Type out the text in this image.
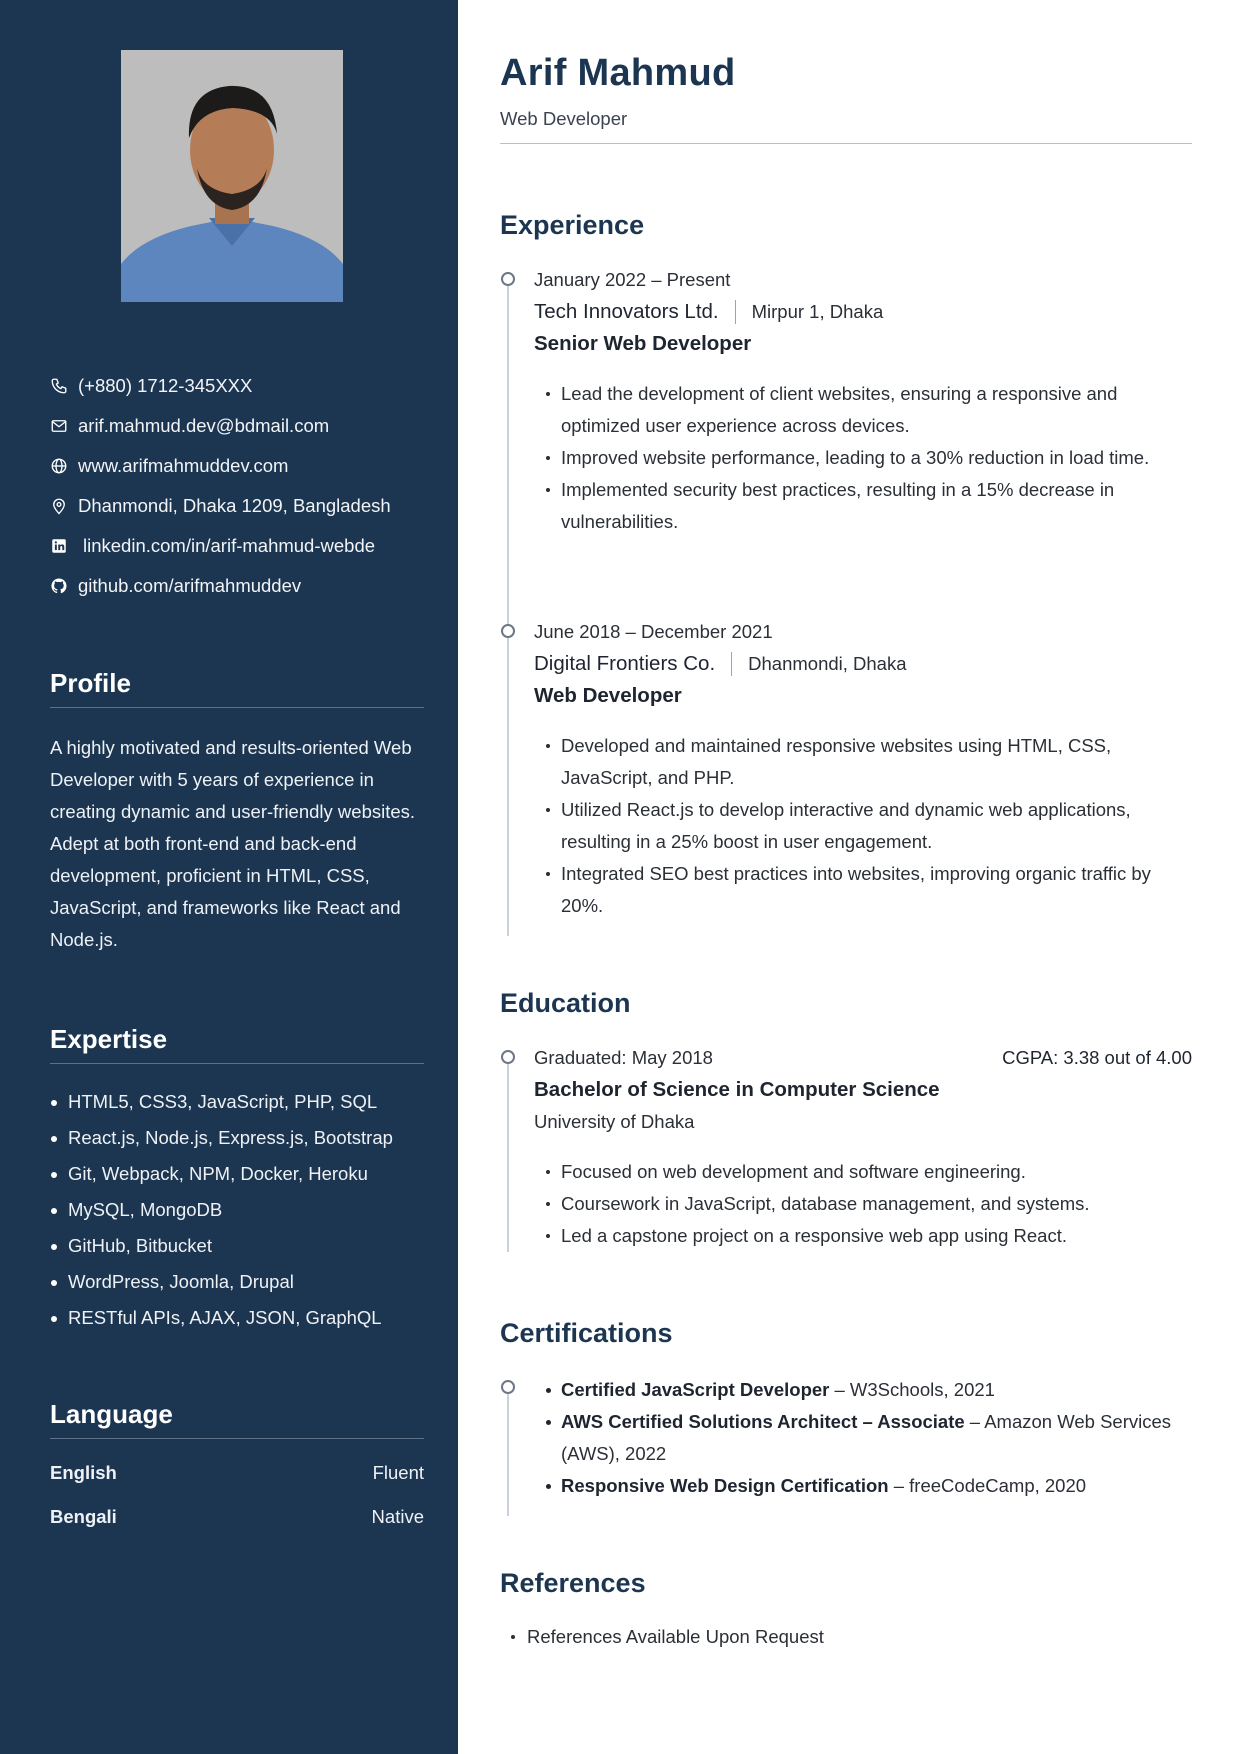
(+880) 1712-345XXX
arif.mahmud.dev@bdmail.com
www.arifmahmuddev.com
Dhanmondi, Dhaka 1209, Bangladesh
linkedin.com/in/arif-mahmud-webde
github.com/arifmahmuddev
Profile

A highly motivated and results-oriented Web Developer with 5 years of experience in creating dynamic and user-friendly websites. Adept at both front-end and back-end development, proficient in HTML, CSS, JavaScript, and frameworks like React and Node.js.

Expertise
HTML5, CSS3, JavaScript, PHP, SQL
React.js, Node.js, Express.js, Bootstrap
Git, Webpack, NPM, Docker, Heroku
MySQL, MongoDB
GitHub, Bitbucket
WordPress, Joomla, Drupal
RESTful APIs, AJAX, JSON, GraphQL
Language
English	Fluent
Bengali	Native
Arif Mahmud
Web Developer
Experience
January 2022 – Present
Tech Innovators Ltd. Mirpur 1, Dhaka
Senior Web Developer
Lead the development of client websites, ensuring a responsive and optimized user experience across devices.
Improved website performance, leading to a 30% reduction in load time.
Implemented security best practices, resulting in a 15% decrease in vulnerabilities.
June 2018 – December 2021
Digital Frontiers Co. Dhanmondi, Dhaka
Web Developer
Developed and maintained responsive websites using HTML, CSS, JavaScript, and PHP.
Utilized React.js to develop interactive and dynamic web applications, resulting in a 25% boost in user engagement.
Integrated SEO best practices into websites, improving organic traffic by 20%.
Education
Graduated: May 2018	CGPA: 3.38 out of 4.00
Bachelor of Science in Computer Science
University of Dhaka
Focused on web development and software engineering.
Coursework in JavaScript, database management, and systems.
Led a capstone project on a responsive web app using React.
Certifications
Certified JavaScript Developer – W3Schools, 2021
AWS Certified Solutions Architect – Associate – Amazon Web Services (AWS), 2022
Responsive Web Design Certification – freeCodeCamp, 2020
References
References Available Upon Request
